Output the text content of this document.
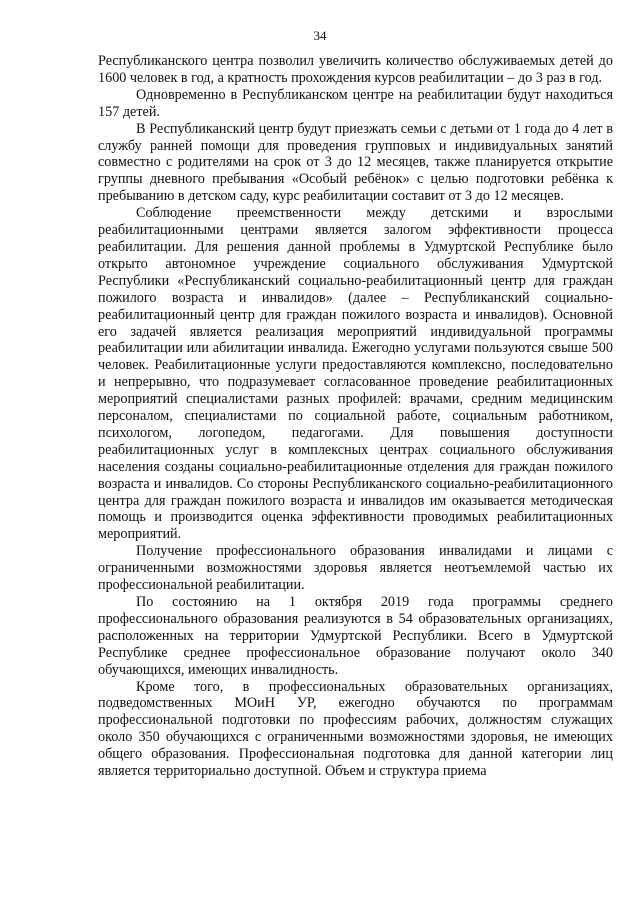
34

Республиканского центра позволил увеличить количество обслуживаемых детей до 1600 человек в год, а кратность прохождения курсов реабилитации – до 3 раз в год.

Одновременно в Республиканском центре на реабилитации будут находиться 157 детей.

В Республиканский центр будут приезжать семьи с детьми от 1 года до 4 лет в службу ранней помощи для проведения групповых и индивидуальных занятий совместно с родителями на срок от 3 до 12 месяцев, также планируется открытие группы дневного пребывания «Особый ребёнок» с целью подготовки ребёнка к пребыванию в детском саду, курс реабилитации составит от 3 до 12 месяцев.

Соблюдение преемственности между детскими и взрослыми реабилитационными центрами является залогом эффективности процесса реабилитации. Для решения данной проблемы в Удмуртской Республике было открыто автономное учреждение социального обслуживания Удмуртской Республики «Республиканский социально-реабилитационный центр для граждан пожилого возраста и инвалидов» (далее – Республиканский социально-реабилитационный центр для граждан пожилого возраста и инвалидов). Основной его задачей является реализация мероприятий индивидуальной программы реабилитации или абилитации инвалида. Ежегодно услугами пользуются свыше 500 человек. Реабилитационные услуги предоставляются комплексно, последовательно и непрерывно, что подразумевает согласованное проведение реабилитационных мероприятий специалистами разных профилей: врачами, средним медицинским персоналом, специалистами по социальной работе, социальным работником, психологом, логопедом, педагогами. Для повышения доступности реабилитационных услуг в комплексных центрах социального обслуживания населения созданы социально-реабилитационные отделения для граждан пожилого возраста и инвалидов. Со стороны Республиканского социально-реабилитационного центра для граждан пожилого возраста и инвалидов им оказывается методическая помощь и производится оценка эффективности проводимых реабилитационных мероприятий.

Получение профессионального образования инвалидами и лицами с ограниченными возможностями здоровья является неотъемлемой частью их профессиональной реабилитации.

По состоянию на 1 октября 2019 года программы среднего профессионального образования реализуются в 54 образовательных организациях, расположенных на территории Удмуртской Республики. Всего в Удмуртской Республике среднее профессиональное образование получают около 340 обучающихся, имеющих инвалидность.

Кроме того, в профессиональных образовательных организациях, подведомственных МОиН УР, ежегодно обучаются по программам профессиональной подготовки по профессиям рабочих, должностям служащих около 350 обучающихся с ограниченными возможностями здоровья, не имеющих общего образования. Профессиональная подготовка для данной категории лиц является территориально доступной. Объем и структура приема
